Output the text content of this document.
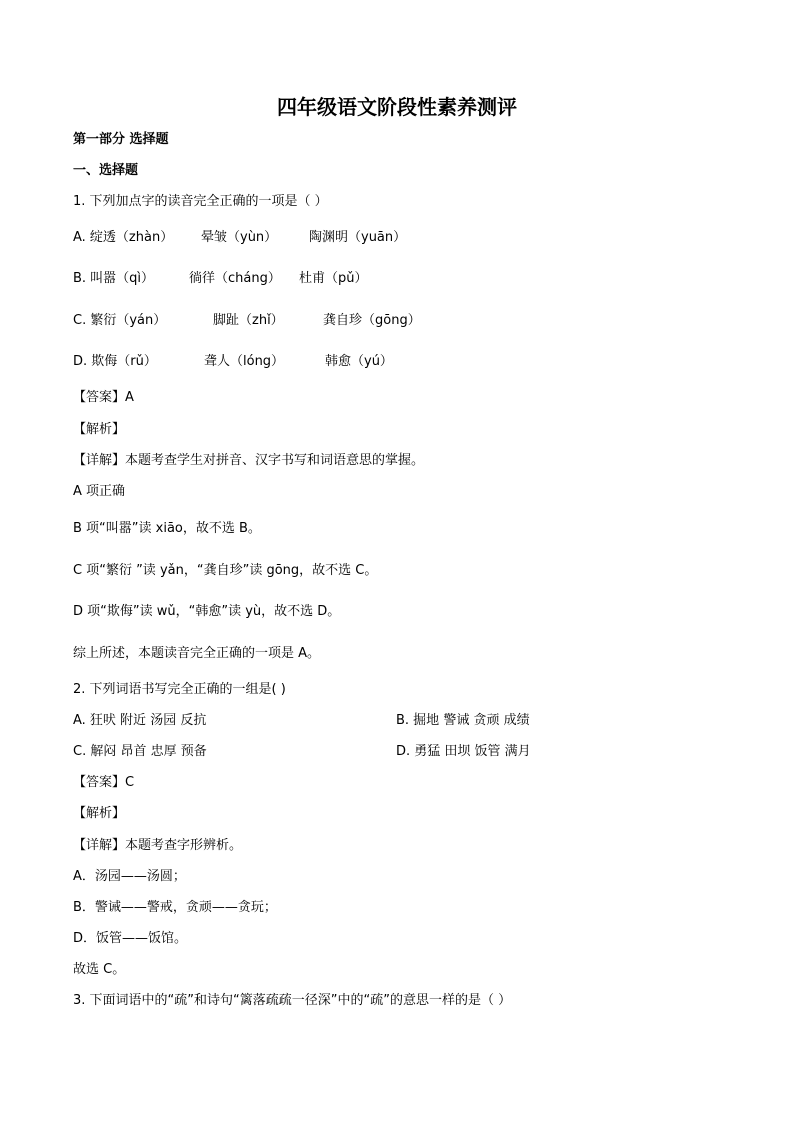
四年级语文阶段性素养测评
第一部分 选择题
一、选择题
1. 下列加点字的读音完全正确的一项是（ ）
A. 绽透（zhàn） 晕皱（yùn） 陶渊明（yuān）
B. 叫嚣（qì）	徜徉（cháng） 杜甫（pǔ）
C. 繁衍（yán）	脚趾（zhǐ）	龚自珍（gōng）
D. 欺侮（rǔ）	聋人（lóng）	韩愈（yú）
【答案】A
【解析】
【详解】本题考查学生对拼音、汉字书写和词语意思的掌握。
A 项正确
B 项“叫嚣”读 xiāo，故不选 B。
C 项“繁衍 ”读 yǎn，“龚自珍”读 gōng，故不选 C。
D 项“欺侮”读 wǔ，“韩愈”读 yù，故不选 D。
综上所述，本题读音完全正确的一项是 A。
2. 下列词语书写完全正确的一组是( )
A. 狂吠 附近 汤园 反抗	B. 掘地 警诫 贪顽 成绩
C. 解闷 昂首 忠厚 预备	D. 勇猛 田坝 饭管 满月
【答案】C
【解析】
【详解】本题考查字形辨析。
A．汤园——汤圆；
B．警诫——警戒，贪顽——贪玩；
D．饭管——饭馆。
故选 C。
3. 下面词语中的“疏”和诗句“篱落疏疏一径深”中的“疏”的意思一样的是（ ）
